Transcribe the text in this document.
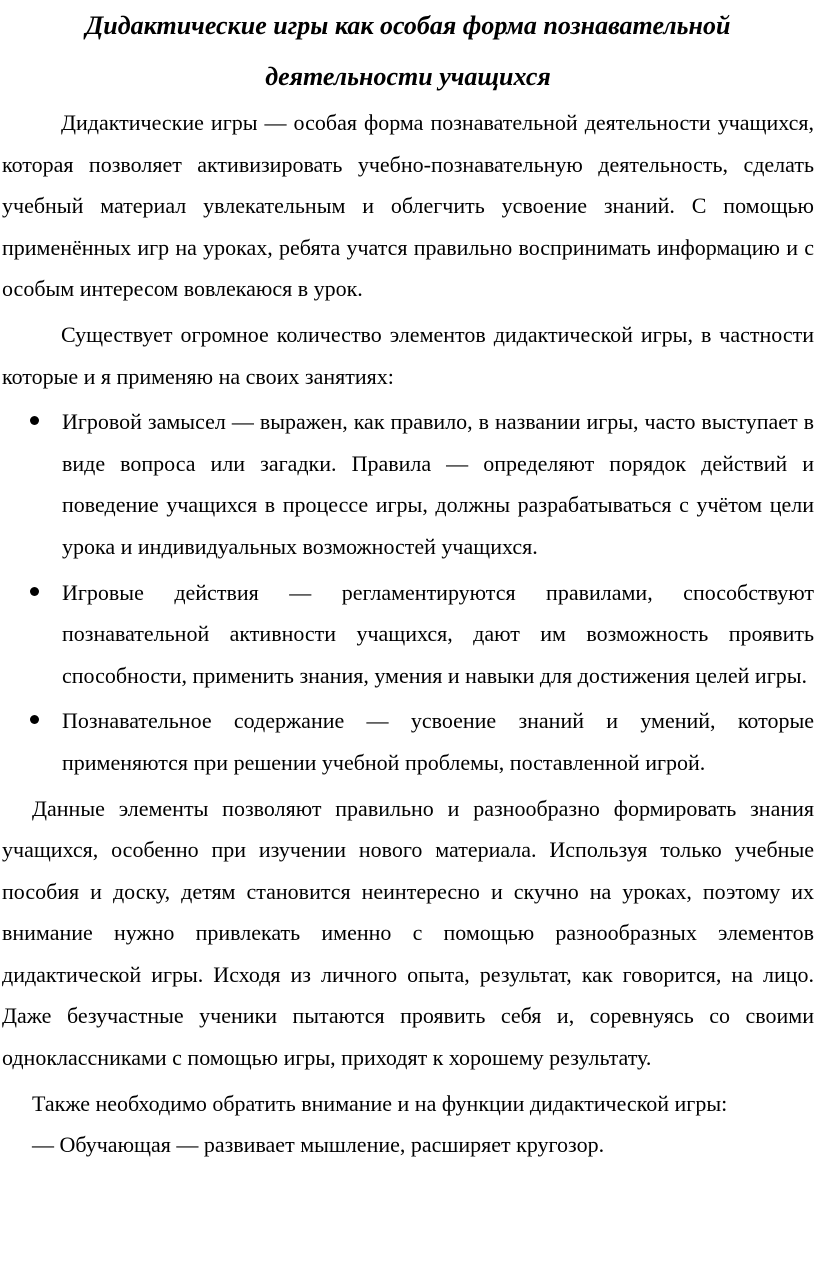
Дидактические игры как особая форма познавательной
деятельности учащихся

Дидактические игры — особая форма познавательной деятельности учащихся, которая позволяет активизировать учебно-познавательную деятельность, сделать учебный материал увлекательным и облегчить усвоение знаний. С помощью применённых игр на уроках, ребята учатся правильно воспринимать информацию и с особым интересом вовлекаюся в урок.

Существует огромное количество элементов дидактической игры, в частности которые и я применяю на своих занятиях:

Игровой замысел — выражен, как правило, в названии игры, часто выступает в виде вопроса или загадки. Правила — определяют порядок действий и поведение учащихся в процессе игры, должны разрабатываться с учётом цели урока и индивидуальных возможностей учащихся.
Игровые действия — регламентируются правилами, способствуют познавательной активности учащихся, дают им возможность проявить способности, применить знания, умения и навыки для достижения целей игры.
Познавательное содержание — усвоение знаний и умений, которые применяются при решении учебной проблемы, поставленной игрой.

Данные элементы позволяют правильно и разнообразно формировать знания учащихся, особенно при изучении нового материала. Используя только учебные пособия и доску, детям становится неинтересно и скучно на уроках, поэтому их внимание нужно привлекать именно с помощью разнообразных элементов дидактической игры. Исходя из личного опыта, результат, как говорится, на лицо. Даже безучастные ученики пытаются проявить себя и, соревнуясь со своими одноклассниками с помощью игры, приходят к хорошему результату.

Также необходимо обратить внимание и на функции дидактической игры:

— Обучающая — развивает мышление, расширяет кругозор.
